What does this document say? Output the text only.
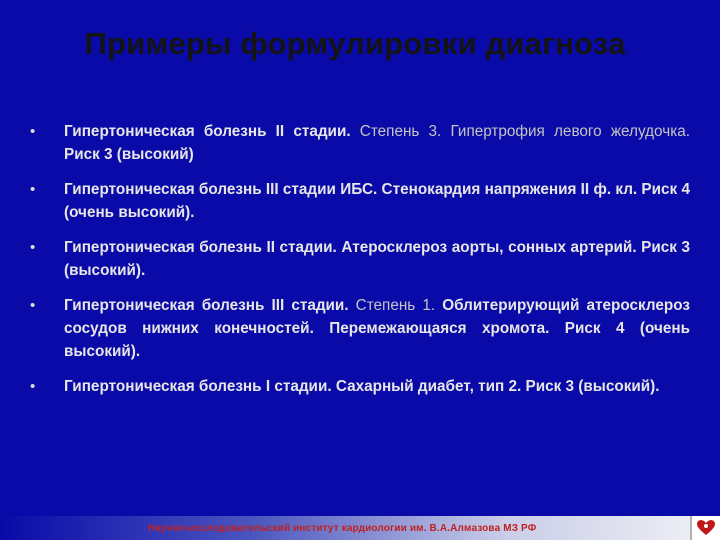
Примеры формулировки диагноза
• Гипертоническая болезнь II стадии. Степень 3. Гипертрофия левого желудочка. Риск 3 (высокий)
• Гипертоническая болезнь III стадии ИБС. Стенокардия напряжения II ф. кл. Риск 4 (очень высокий).
• Гипертоническая болезнь II стадии. Атеросклероз аорты, сонных артерий. Риск 3 (высокий).
• Гипертоническая болезнь III стадии. Степень 1. Облитерирующий атеросклероз сосудов нижних конечностей. Перемежающаяся хромота. Риск 4 (очень высокий).
• Гипертоническая болезнь I стадии. Сахарный диабет, тип 2. Риск 3 (высокий).
Научно-исследовательский институт кардиологии им. В.А.Алмазова МЗ РФ
